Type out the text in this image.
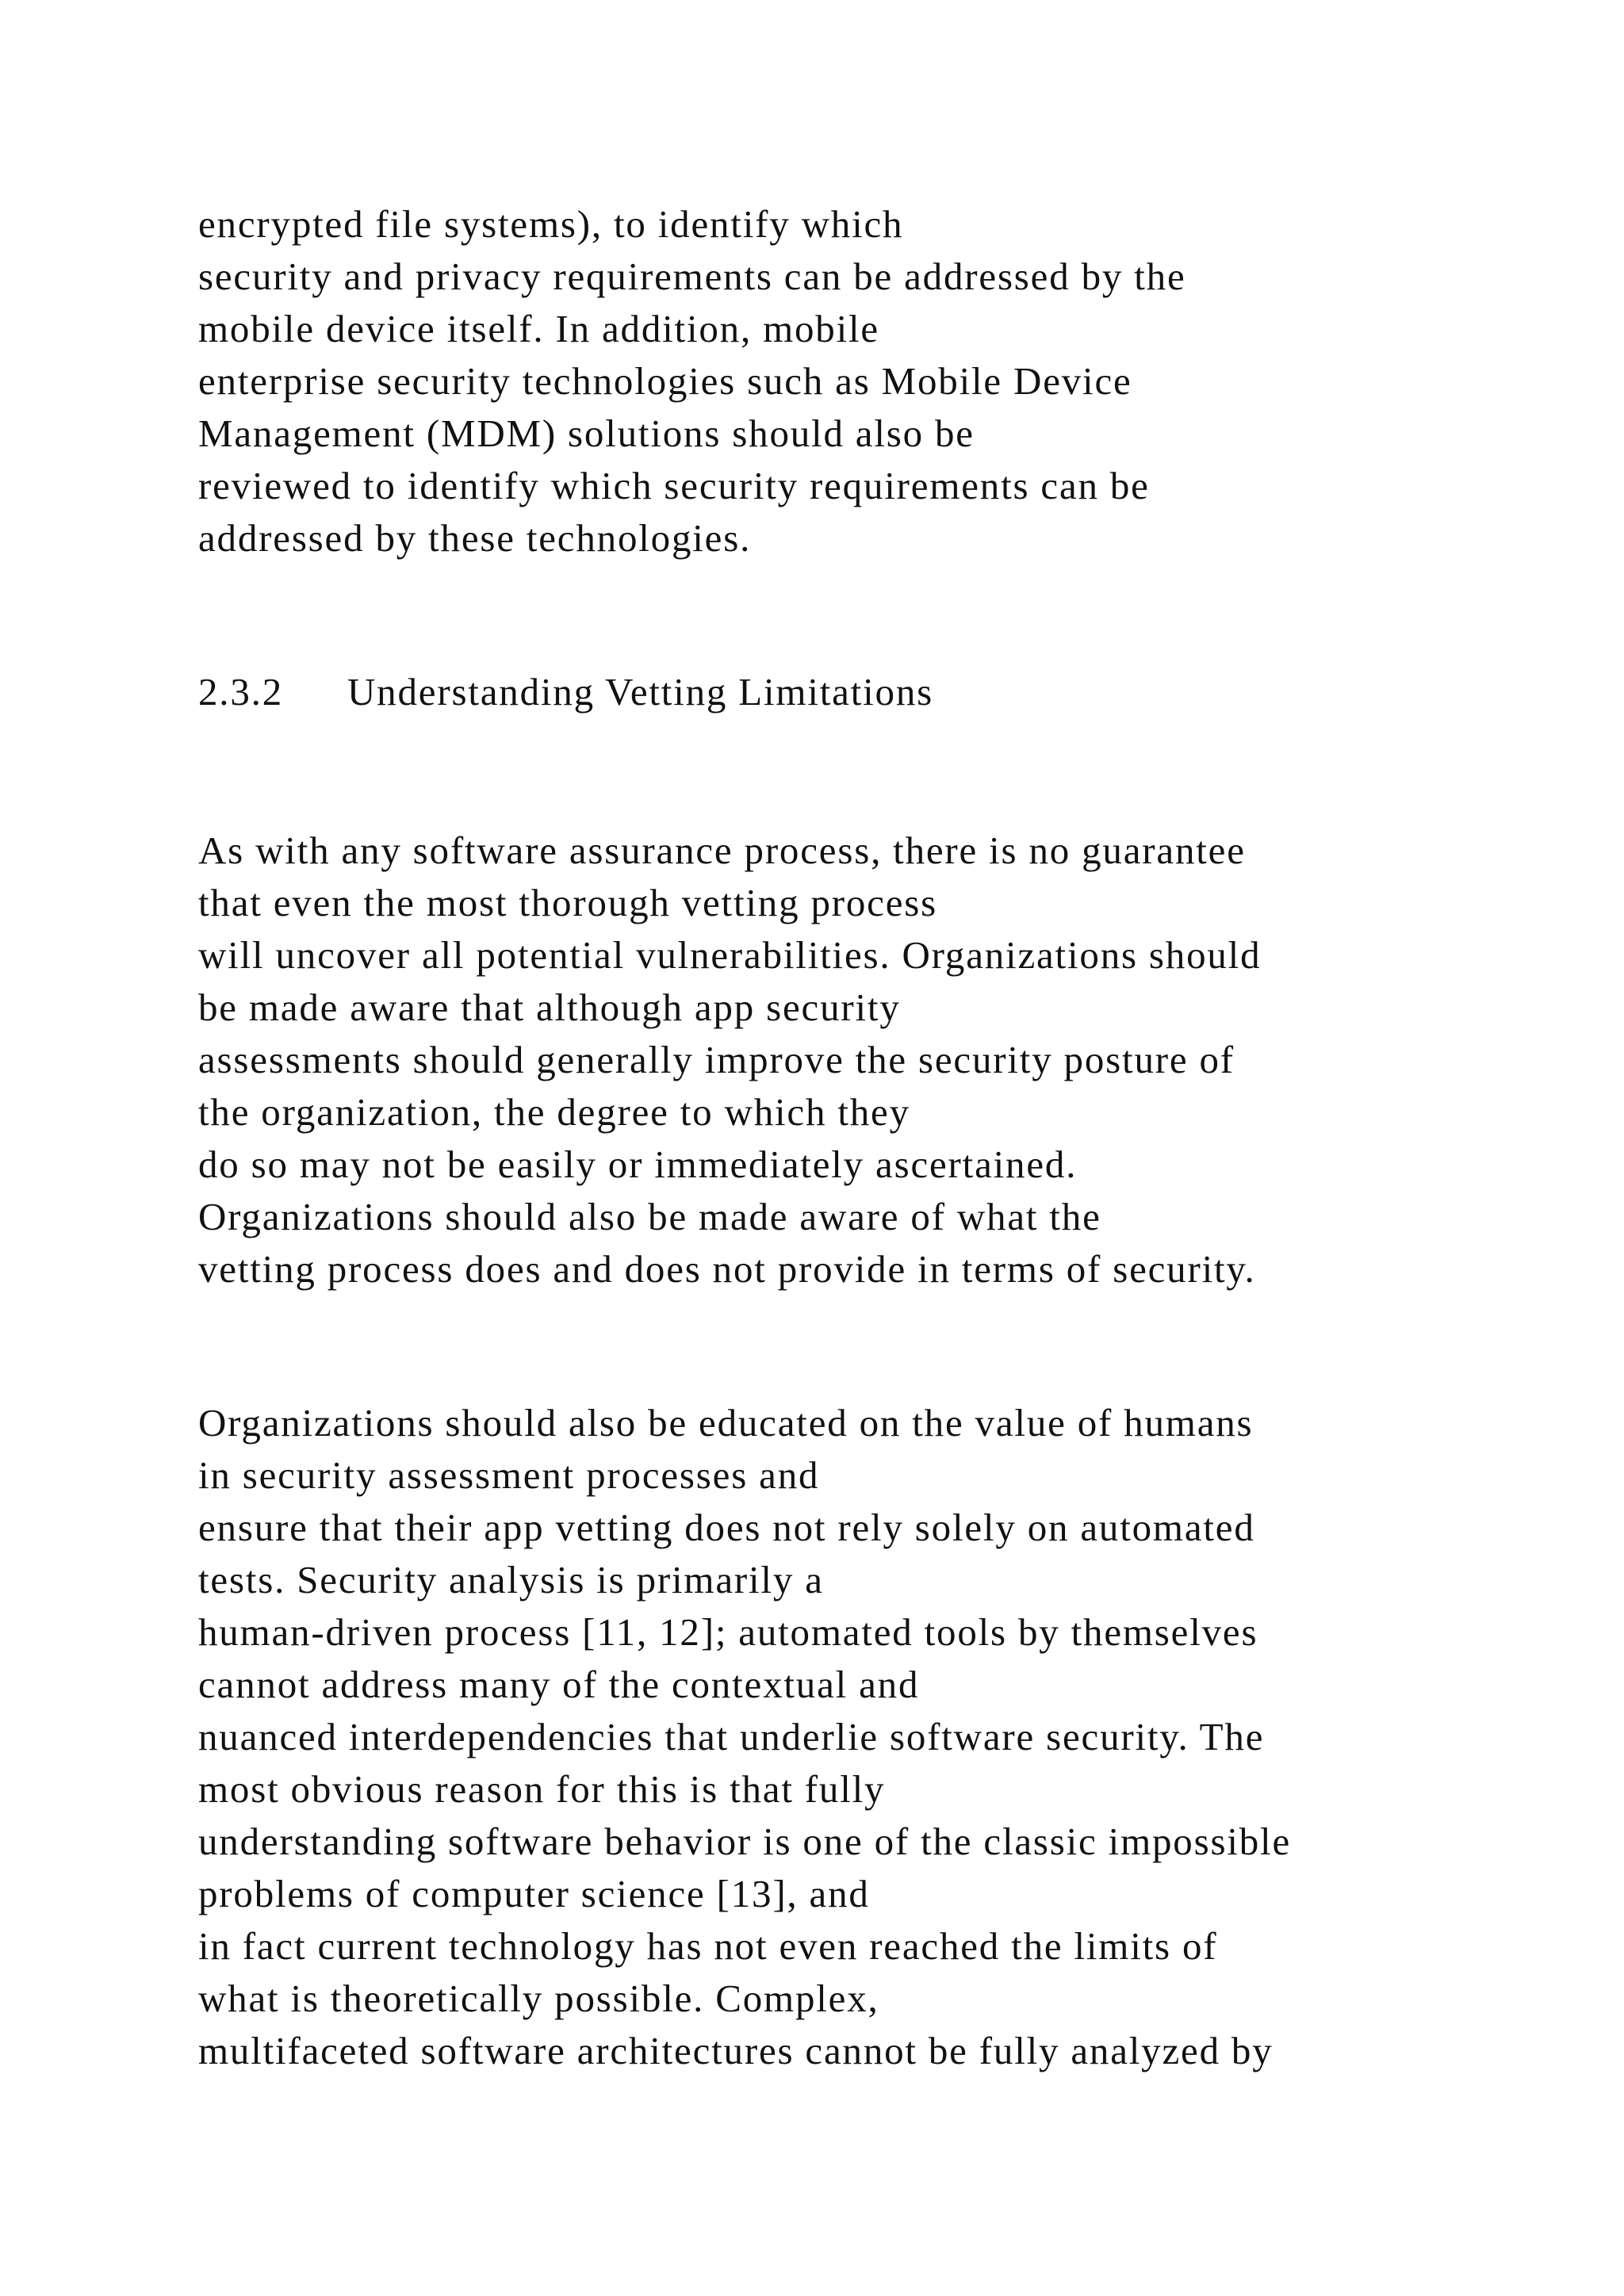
encrypted file systems), to identify which
security and privacy requirements can be addressed by the
mobile device itself. In addition, mobile
enterprise security technologies such as Mobile Device
Management (MDM) solutions should also be
reviewed to identify which security requirements can be
addressed by these technologies.
2.3.2 Understanding Vetting Limitations
As with any software assurance process, there is no guarantee
that even the most thorough vetting process
will uncover all potential vulnerabilities. Organizations should
be made aware that although app security
assessments should generally improve the security posture of
the organization, the degree to which they
do so may not be easily or immediately ascertained.
Organizations should also be made aware of what the
vetting process does and does not provide in terms of security.
Organizations should also be educated on the value of humans
in security assessment processes and
ensure that their app vetting does not rely solely on automated
tests. Security analysis is primarily a
human-driven process [11, 12]; automated tools by themselves
cannot address many of the contextual and
nuanced interdependencies that underlie software security. The
most obvious reason for this is that fully
understanding software behavior is one of the classic impossible
problems of computer science [13], and
in fact current technology has not even reached the limits of
what is theoretically possible. Complex,
multifaceted software architectures cannot be fully analyzed by
